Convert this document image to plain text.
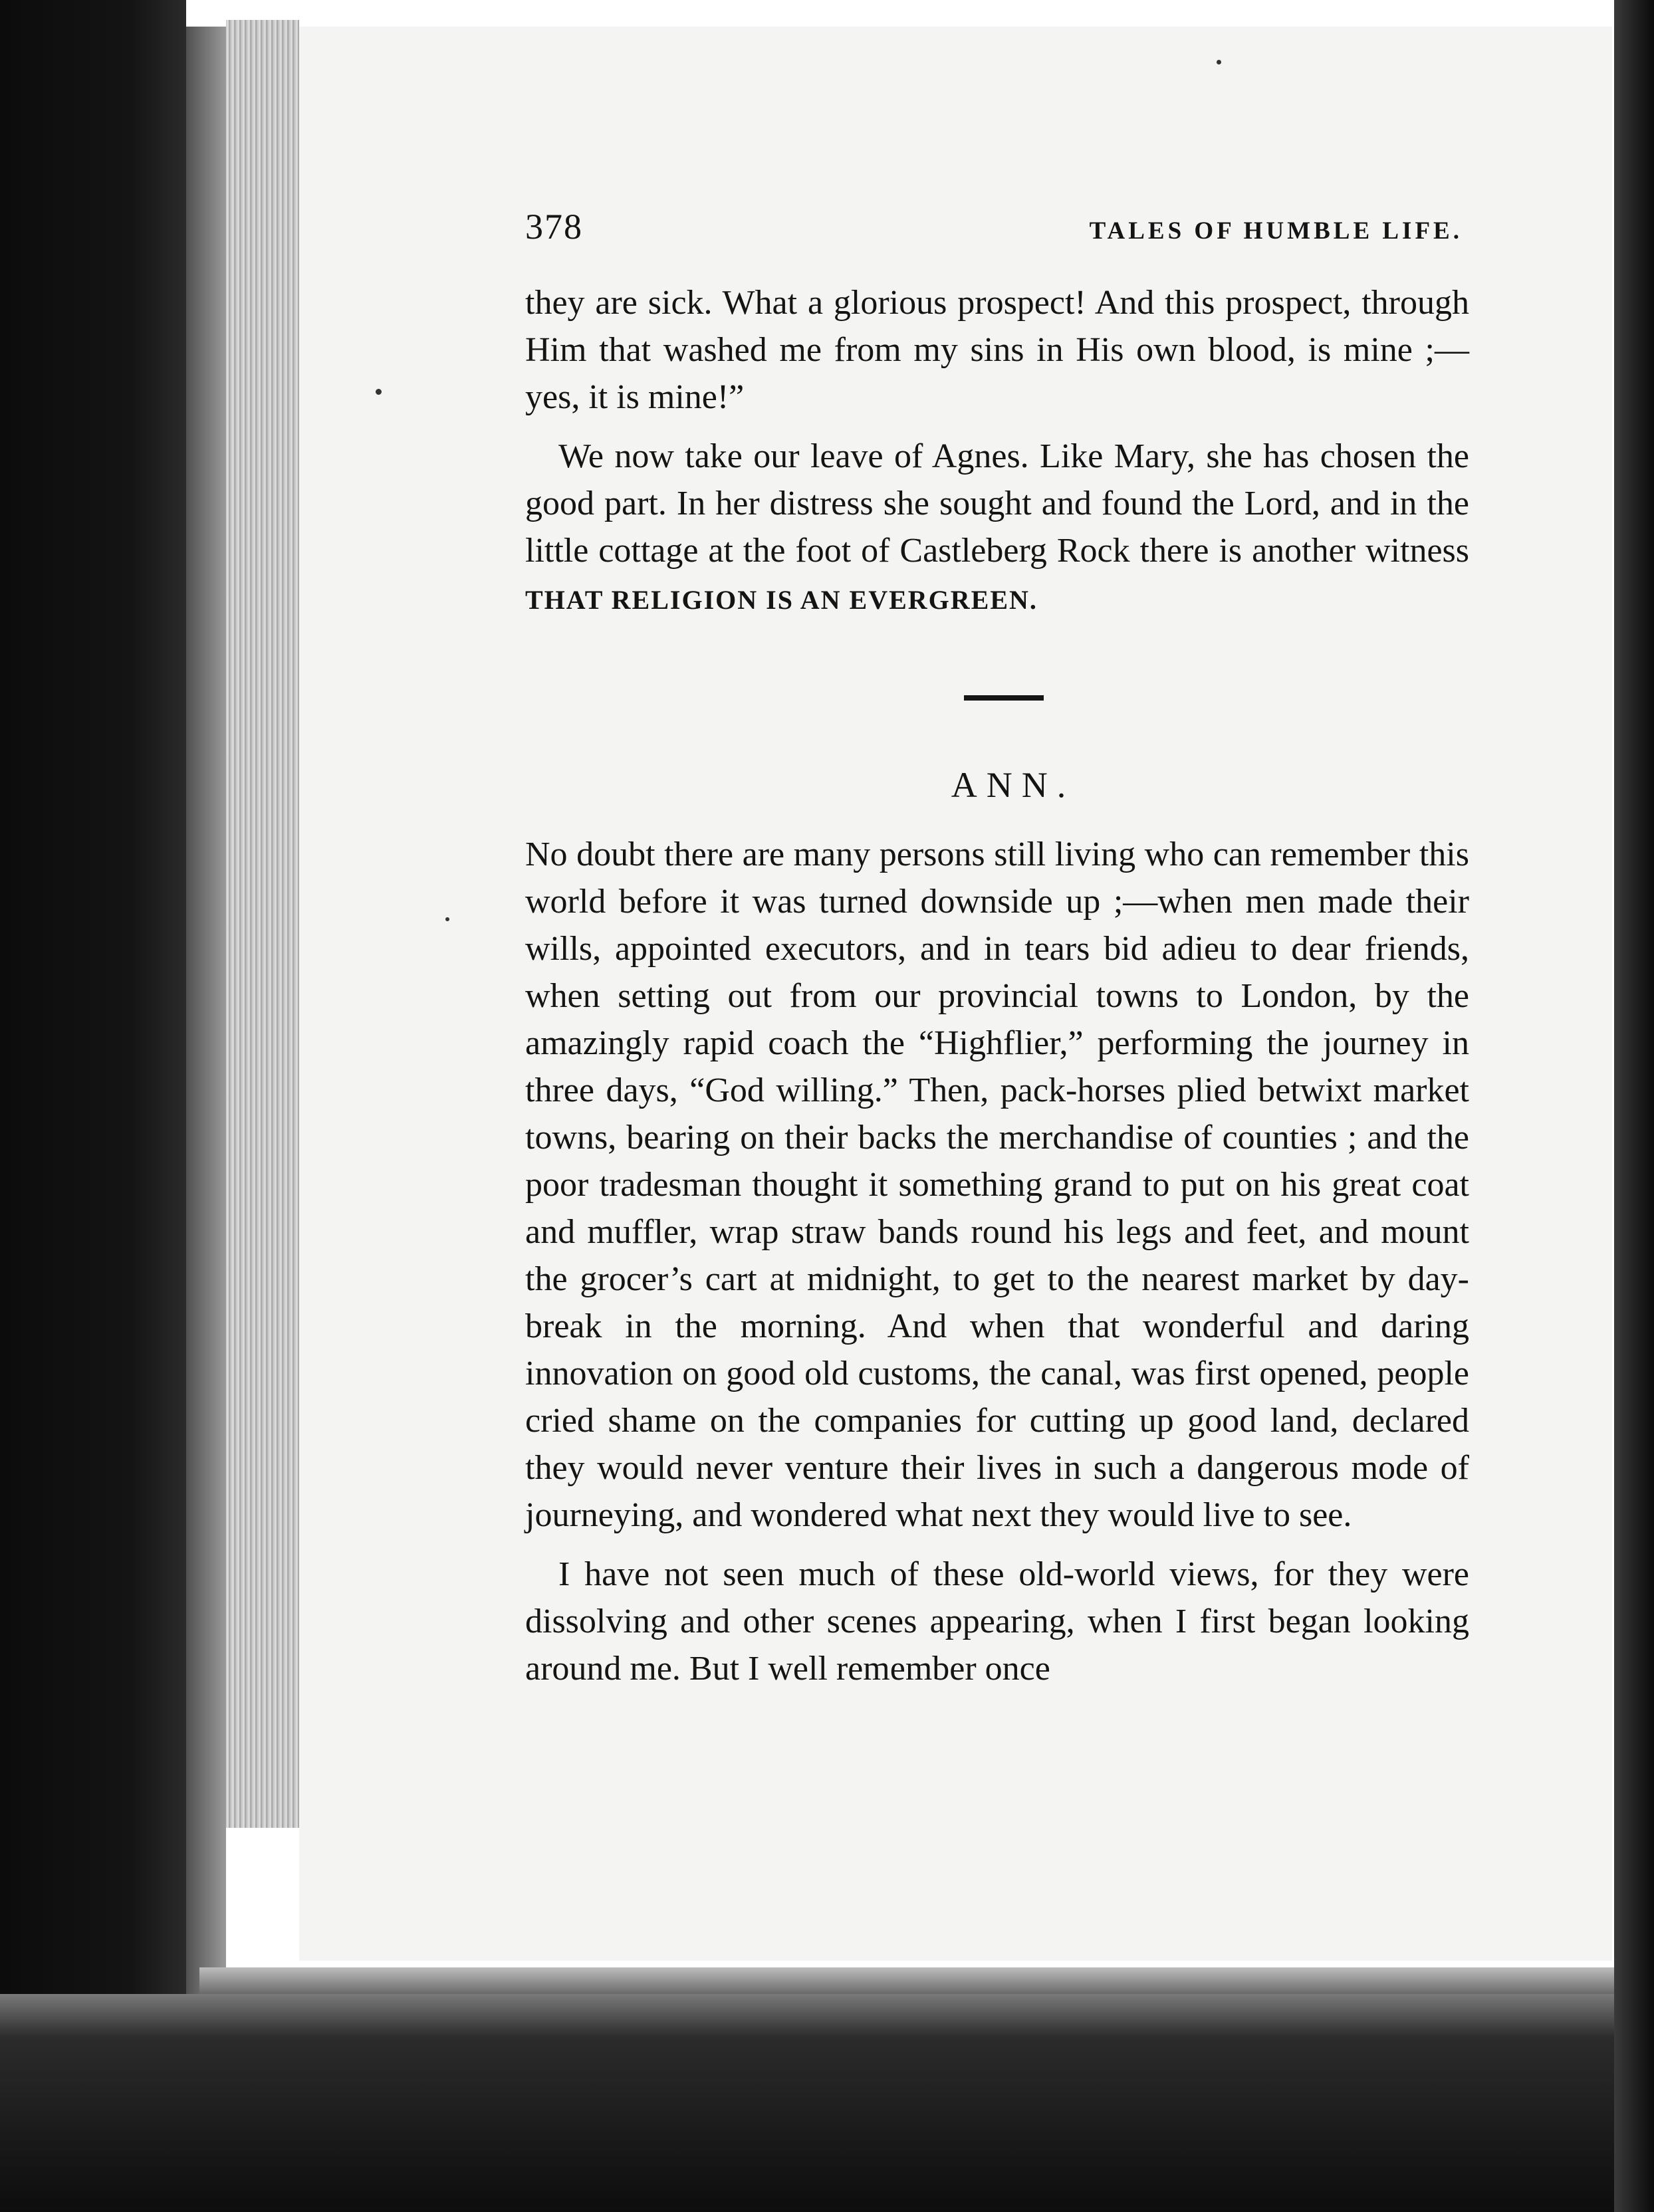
378	TALES OF HUMBLE LIFE.

they are sick. What a glorious prospect! And this prospect, through Him that washed me from my sins in His own blood, is mine ;—yes, it is mine!”

We now take our leave of Agnes. Like Mary, she has chosen the good part. In her distress she sought and found the Lord, and in the little cottage at the foot of Castleberg Rock there is another witness THAT RELIGION IS AN EVERGREEN.

ANN.

No doubt there are many persons still living who can remember this world before it was turned downside up ;—when men made their wills, appointed executors, and in tears bid adieu to dear friends, when setting out from our provincial towns to London, by the amazingly rapid coach the “Highflier,” performing the journey in three days, “God willing.” Then, pack-horses plied betwixt market towns, bearing on their backs the merchandise of counties ; and the poor tradesman thought it something grand to put on his great coat and muffler, wrap straw bands round his legs and feet, and mount the grocer’s cart at midnight, to get to the nearest market by day-break in the morning. And when that wonderful and daring innovation on good old customs, the canal, was first opened, people cried shame on the companies for cutting up good land, declared they would never venture their lives in such a dangerous mode of journeying, and wondered what next they would live to see.

I have not seen much of these old-world views, for they were dissolving and other scenes appearing, when I first began looking around me. But I well remember once
